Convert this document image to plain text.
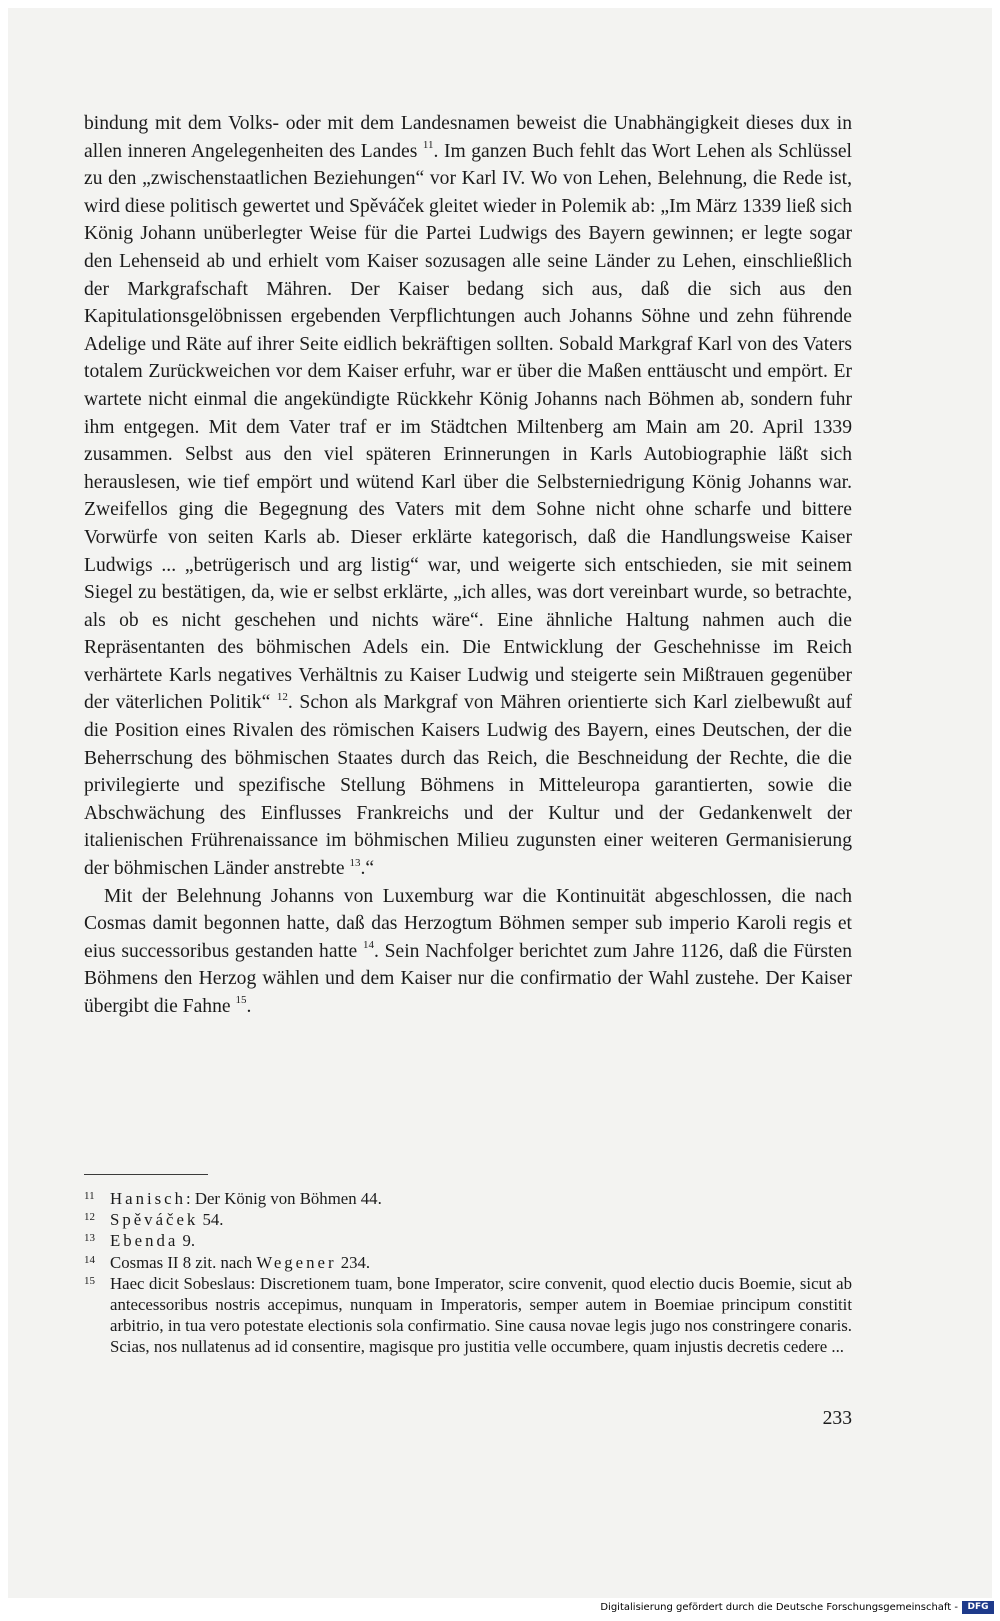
bindung mit dem Volks- oder mit dem Landesnamen beweist die Unabhängigkeit dieses dux in allen inneren Angelegenheiten des Landes $^{11}$. Im ganzen Buch fehlt das Wort Lehen als Schlüssel zu den „zwischenstaatlichen Beziehungen“ vor Karl IV. Wo von Lehen, Belehnung, die Rede ist, wird diese politisch gewertet und Spěváček gleitet wieder in Polemik ab: „Im März 1339 ließ sich König Johann unüberlegter Weise für die Partei Ludwigs des Bayern gewinnen; er legte sogar den Lehenseid ab und erhielt vom Kaiser sozusagen alle seine Länder zu Lehen, einschließlich der Markgrafschaft Mähren. Der Kaiser bedang sich aus, daß die sich aus den Kapitulationsgelöbnissen ergebenden Verpflichtungen auch Johanns Söhne und zehn führende Adelige und Räte auf ihrer Seite eidlich bekräftigen sollten. Sobald Markgraf Karl von des Vaters totalem Zurückweichen vor dem Kaiser erfuhr, war er über die Maßen enttäuscht und empört. Er wartete nicht einmal die angekündigte Rückkehr König Johanns nach Böhmen ab, sondern fuhr ihm entgegen. Mit dem Vater traf er im Städtchen Miltenberg am Main am 20. April 1339 zusammen. Selbst aus den viel späteren Erinnerungen in Karls Autobiographie läßt sich herauslesen, wie tief empört und wütend Karl über die Selbsterniedrigung König Johanns war. Zweifellos ging die Begegnung des Vaters mit dem Sohne nicht ohne scharfe und bittere Vorwürfe von seiten Karls ab. Dieser erklärte kategorisch, daß die Handlungsweise Kaiser Ludwigs ... „betrügerisch und arg listig“ war, und weigerte sich entschieden, sie mit seinem Siegel zu bestätigen, da, wie er selbst erklärte, „ich alles, was dort vereinbart wurde, so betrachte, als ob es nicht geschehen und nichts wäre“. Eine ähnliche Haltung nahmen auch die Repräsentanten des böhmischen Adels ein. Die Entwicklung der Geschehnisse im Reich verhärtete Karls negatives Verhältnis zu Kaiser Ludwig und steigerte sein Mißtrauen gegenüber der väterlichen Politik“ $^{12}$. Schon als Markgraf von Mähren orientierte sich Karl zielbewußt auf die Position eines Rivalen des römischen Kaisers Ludwig des Bayern, eines Deutschen, der die Beherrschung des böhmischen Staates durch das Reich, die Beschneidung der Rechte, die die privilegierte und spezifische Stellung Böhmens in Mitteleuropa garantierten, sowie die Abschwächung des Einflusses Frankreichs und der Kultur und der Gedankenwelt der italienischen Frührenaissance im böhmischen Milieu zugunsten einer weiteren Germanisierung der böhmischen Länder anstrebte $^{13}$.“

Mit der Belehnung Johanns von Luxemburg war die Kontinuität abgeschlossen, die nach Cosmas damit begonnen hatte, daß das Herzogtum Böhmen semper sub imperio Karoli regis et eius successoribus gestanden hatte $^{14}$. Sein Nachfolger berichtet zum Jahre 1126, daß die Fürsten Böhmens den Herzog wählen und dem Kaiser nur die confirmatio der Wahl zustehe. Der Kaiser übergibt die Fahne $^{15}$.

11 Hanisch: Der König von Böhmen 44.
12 Spěváček 54.
13 Ebenda 9.
14 Cosmas II 8 zit. nach Wegener 234.
15 Haec dicit Sobeslaus: Discretionem tuam, bone Imperator, scire convenit, quod electio ducis Boemie, sicut ab antecessoribus nostris accepimus, nunquam in Imperatoris, semper autem in Boemiae principum constitit arbitrio, in tua vero potestate electionis sola confirmatio. Sine causa novae legis jugo nos constringere conaris. Scias, nos nullatenus ad id consentire, magisque pro justitia velle occumbere, quam injustis decretis cedere ...
233
Digitalisierung gefördert durch die Deutsche Forschungsgemeinschaft -	DFG
